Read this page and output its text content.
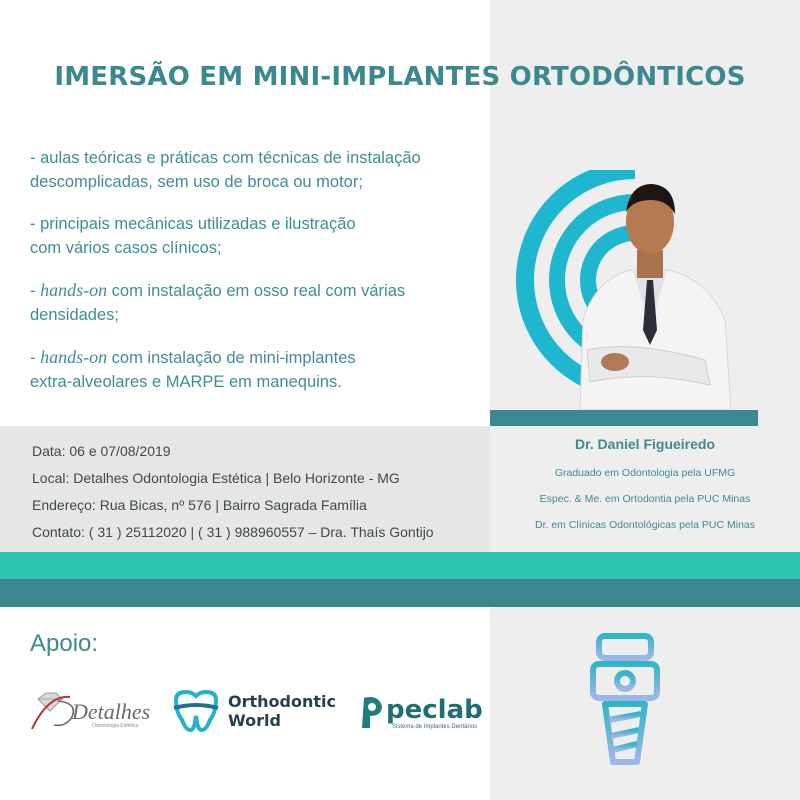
IMERSÃO EM MINI-IMPLANTES ORTODÔNTICOS

- aulas teóricas e práticas com técnicas de instalação
descomplicadas, sem uso de broca ou motor;

- principais mecânicas utilizadas e ilustração
com vários casos clínicos;

- hands-on com instalação em osso real com várias
densidades;

- hands-on com instalação de mini-implantes
extra-alveolares e MARPE em manequins.

Data: 06 e 07/08/2019

Local: Detalhes Odontologia Estética | Belo Horizonte - MG

Endereço: Rua Bicas, nº 576 | Bairro Sagrada Família

Contato: ( 31 ) 25112020 | ( 31 ) 988960557 – Dra. Thaís Gontijo

Dr. Daniel Figueiredo

Graduado em Odontologia pela UFMG

Espec. & Me. em Ortodontia pela PUC Minas

Dr. em Clínicas Odontológicas pela PUC Minas

Apoio:

Detalhes
Odontologia Estética
Orthodontic
World	peclab
Sistema de Implantes Dentários
